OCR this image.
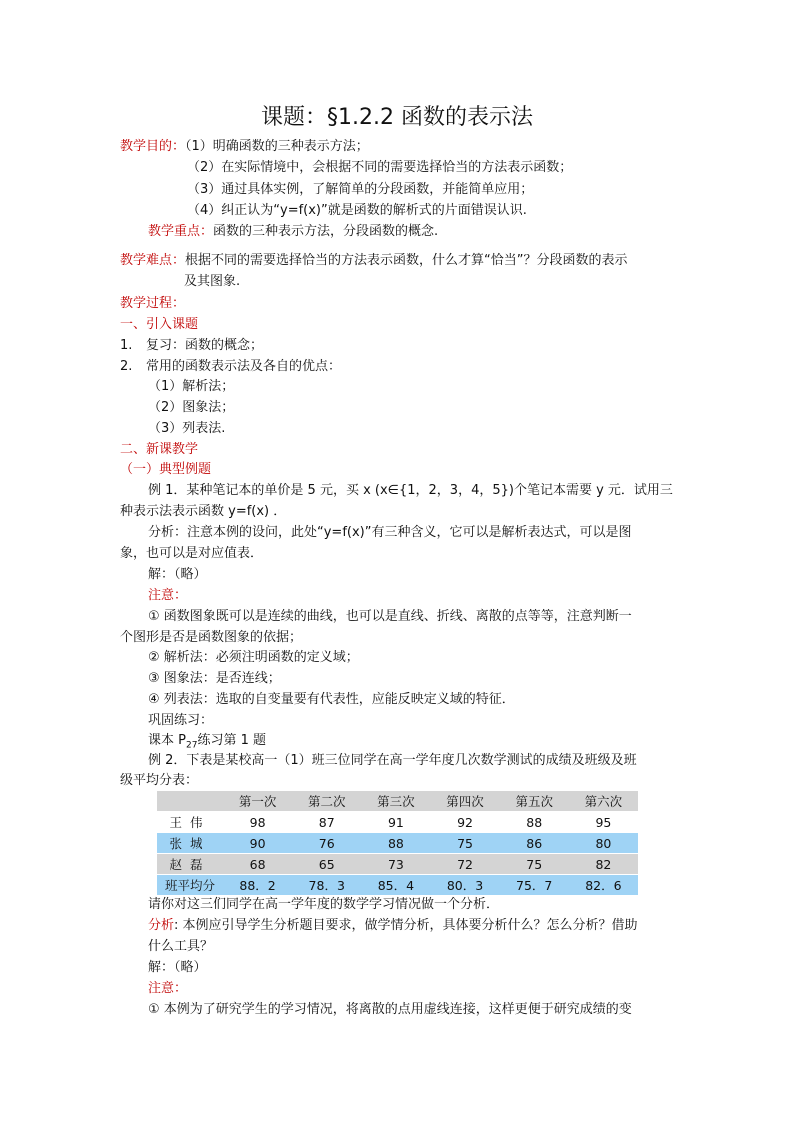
课题：§1.2.2 函数的表示法
教学目的：（1）明确函数的三种表示方法；
（2）在实际情境中，会根据不同的需要选择恰当的方法表示函数；
（3）通过具体实例，了解简单的分段函数，并能简单应用；
（4）纠正认为“y=f(x)”就是函数的解析式的片面错误认识.
教学重点：函数的三种表示方法，分段函数的概念.
教学难点：根据不同的需要选择恰当的方法表示函数，什么才算“恰当”？分段函数的表示
及其图象.
教学过程：
一、引入课题
1. 复习：函数的概念；
2. 常用的函数表示法及各自的优点：
（1）解析法；
（2）图象法；
（3）列表法.
二、新课教学
（一）典型例题
例 1．某种笔记本的单价是 5 元，买 x (x∈{1，2，3，4，5})个笔记本需要 y 元．试用三
种表示法表示函数 y=f(x) ．
分析：注意本例的设问，此处“y=f(x)”有三种含义，它可以是解析表达式，可以是图
象，也可以是对应值表．
解：（略）
注意：
① 函数图象既可以是连续的曲线，也可以是直线、折线、离散的点等等，注意判断一
个图形是否是函数图象的依据；
② 解析法：必须注明函数的定义域；
③ 图象法：是否连线；
④ 列表法：选取的自变量要有代表性，应能反映定义域的特征．
巩固练习：
课本 $P_{27}$练习第 1 题
例 2．下表是某校高一（1）班三位同学在高一学年度几次数学测试的成绩及班级及班
级平均分表：
	第一次	第二次	第三次	第四次	第五次	第六次
王伟	98	87	91	92	88	95
张城	90	76	88	75	86	80
赵磊	68	65	73	72	75	82
班平均分	88．2	78．3	85．4	80．3	75．7	82．6
请你对这三们同学在高一学年度的数学学习情况做一个分析．
分析: 本例应引导学生分析题目要求，做学情分析，具体要分析什么？怎么分析？借助
什么工具？
解：（略）
注意：
① 本例为了研究学生的学习情况，将离散的点用虚线连接，这样更便于研究成绩的变
